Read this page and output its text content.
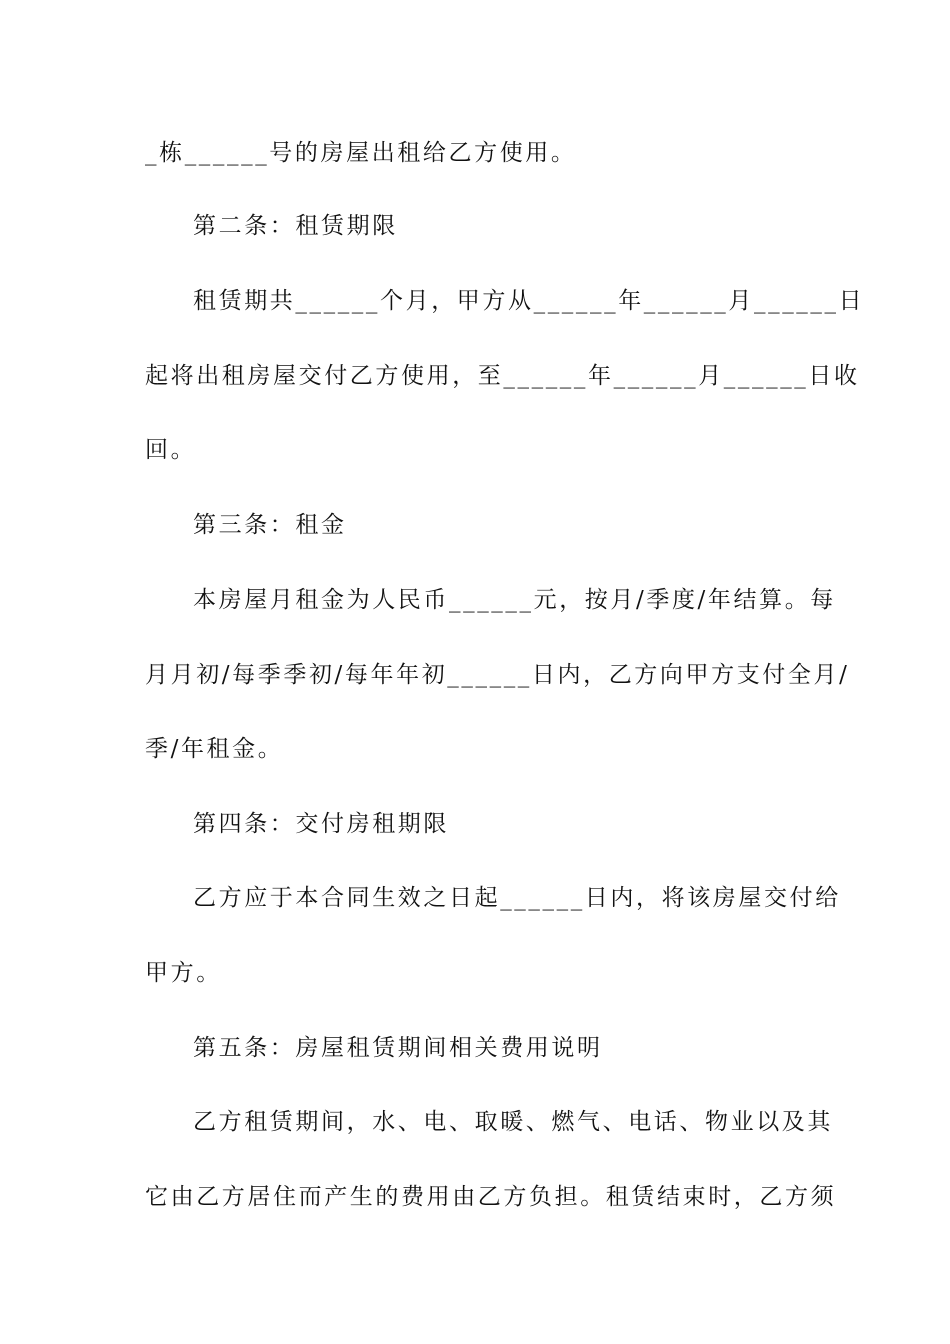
_栋______号的房屋出租给乙方使用。
第二条：租赁期限
租赁期共______个月，甲方从______年______月______日
起将出租房屋交付乙方使用，至______年______月______日收
回。
第三条：租金
本房屋月租金为人民币______元，按月/季度/年结算。每
月月初/每季季初/每年年初______日内，乙方向甲方支付全月/
季/年租金。
第四条：交付房租期限
乙方应于本合同生效之日起______日内，将该房屋交付给
甲方。
第五条：房屋租赁期间相关费用说明
乙方租赁期间，水、电、取暖、燃气、电话、物业以及其
它由乙方居住而产生的费用由乙方负担。租赁结束时，乙方须
